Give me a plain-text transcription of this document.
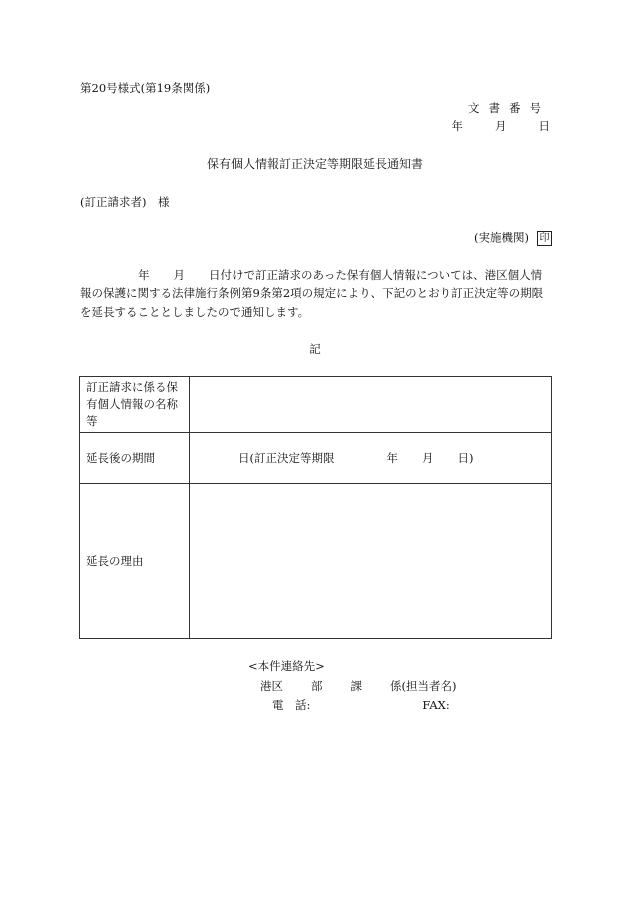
第20号様式(第19条関係)
文書番号
年	月	日
保有個人情報訂正決定等期限延長通知書
(訂正請求者)　 様
(実施機関) 印

年 月 日付けで訂正請求のあった保有個人情報については、港区個人情

報の保護に関する法律施行条例第9条第2項の規定により、下記のとおり訂正決定等の期限

を延長することとしましたので通知します。

記
訂正請求に係る保有個人情報の名称等	
延長後の期間	日(訂正決定等期限 年 月 日)
延長の理由	
<本件連絡先>
港区 部 課 係(担当者名)
電　話:	FAX:
